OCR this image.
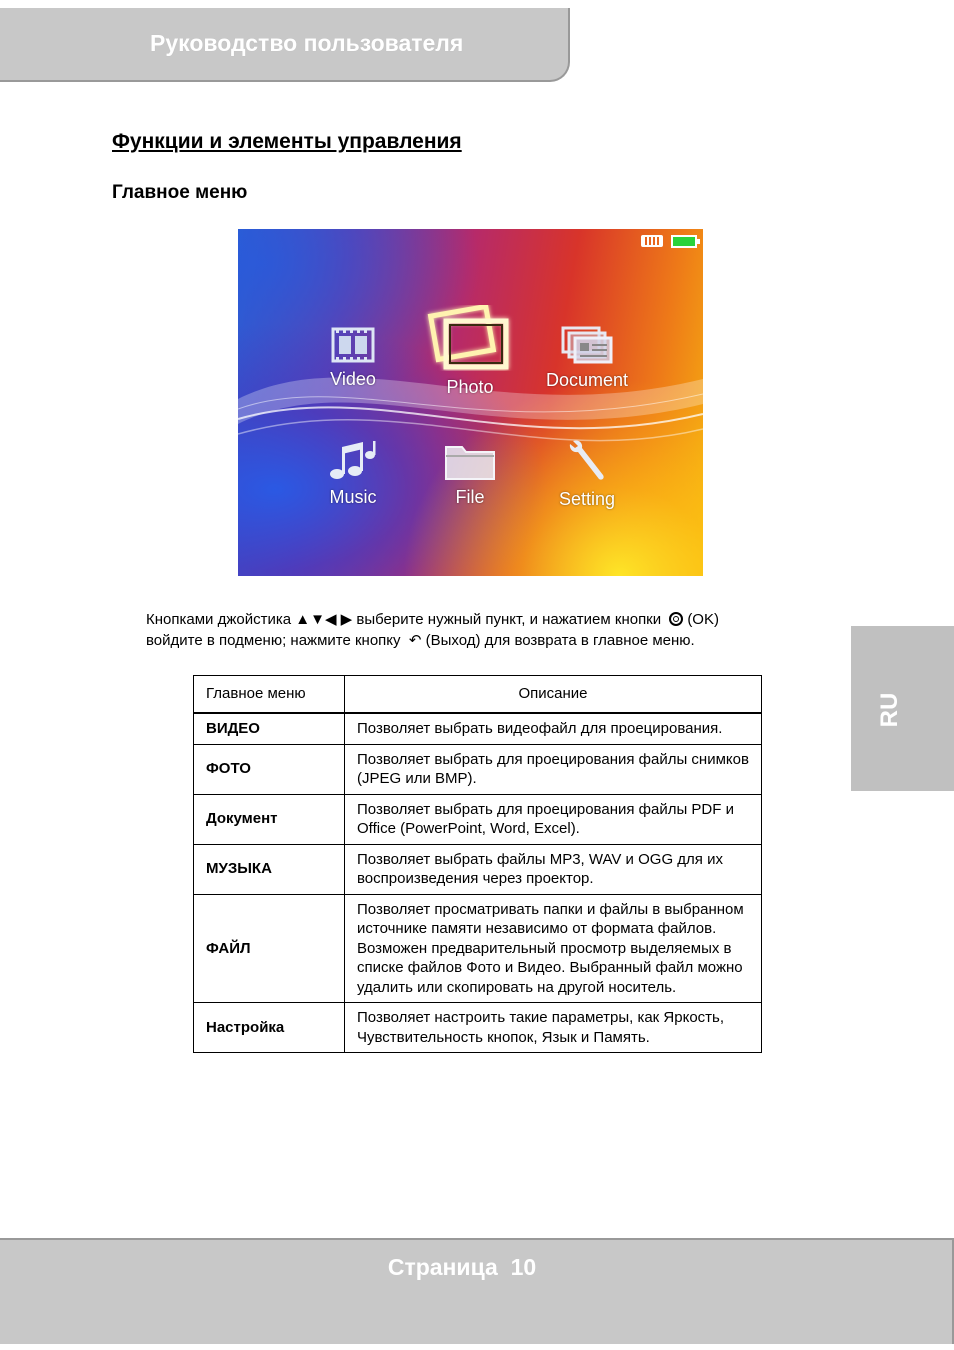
Руководство пользователя
Функции и элементы управления
Главное меню
Video	Photo	Document
Music	File	Setting
Кнопками джойстика ▲▼◀ ▶ выберите нужный пункт, и нажатием кнопки (OK)
войдите в подменю; нажмите кнопку ↶ (Выход) для возврата в главное меню.
Главное меню	Описание
ВИДЕО	Позволяет выбрать видеофайл для проецирования.
ФОТО	Позволяет выбрать для проецирования файлы снимков (JPEG или BMP).
Документ	Позволяет выбрать для проецирования файлы PDF и Office (PowerPoint, Word, Excel).
МУЗЫКА	Позволяет выбрать файлы MP3, WAV и OGG для их воспроизведения через проектор.
ФАЙЛ	Позволяет просматривать папки и файлы в выбранном источнике памяти независимо от формата файлов. Возможен предварительный просмотр выделяемых в списке файлов Фото и Видео. Выбранный файл можно удалить или скопировать на другой носитель.
Настройка	Позволяет настроить такие параметры, как Яркость, Чувствительность кнопок, Язык и Память.
RU
Страница  10
